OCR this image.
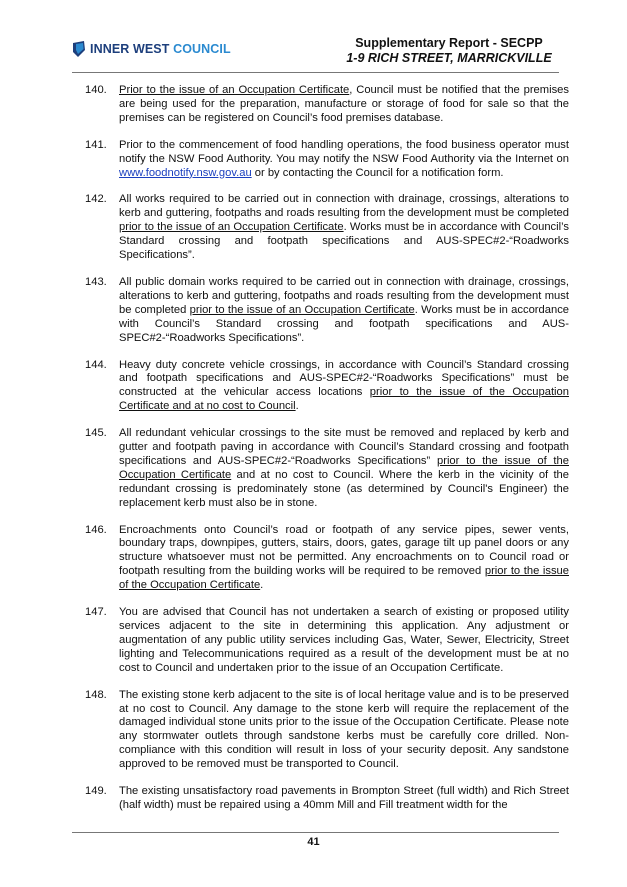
INNER WEST COUNCIL	Supplementary Report - SECPP
1-9 RICH STREET, MARRICKVILLE
140. Prior to the issue of an Occupation Certificate, Council must be notified that the premises are being used for the preparation, manufacture or storage of food for sale so that the premises can be registered on Council’s food premises database.
141. Prior to the commencement of food handling operations, the food business operator must notify the NSW Food Authority. You may notify the NSW Food Authority via the Internet on www.foodnotify.nsw.gov.au or by contacting the Council for a notification form.
142. All works required to be carried out in connection with drainage, crossings, alterations to kerb and guttering, footpaths and roads resulting from the development must be completed prior to the issue of an Occupation Certificate. Works must be in accordance with Council’s Standard crossing and footpath specifications and AUS-SPEC#2-“Roadworks Specifications”.
143. All public domain works required to be carried out in connection with drainage, crossings, alterations to kerb and guttering, footpaths and roads resulting from the development must be completed prior to the issue of an Occupation Certificate. Works must be in accordance with Council’s Standard crossing and footpath specifications and AUS-SPEC#2-“Roadworks Specifications”.
144. Heavy duty concrete vehicle crossings, in accordance with Council’s Standard crossing and footpath specifications and AUS-SPEC#2-“Roadworks Specifications” must be constructed at the vehicular access locations prior to the issue of the Occupation Certificate and at no cost to Council.
145. All redundant vehicular crossings to the site must be removed and replaced by kerb and gutter and footpath paving in accordance with Council’s Standard crossing and footpath specifications and AUS-SPEC#2-“Roadworks Specifications” prior to the issue of the Occupation Certificate and at no cost to Council. Where the kerb in the vicinity of the redundant crossing is predominately stone (as determined by Council's Engineer) the replacement kerb must also be in stone.
146. Encroachments onto Council’s road or footpath of any service pipes, sewer vents, boundary traps, downpipes, gutters, stairs, doors, gates, garage tilt up panel doors or any structure whatsoever must not be permitted. Any encroachments on to Council road or footpath resulting from the building works will be required to be removed prior to the issue of the Occupation Certificate.
147. You are advised that Council has not undertaken a search of existing or proposed utility services adjacent to the site in determining this application. Any adjustment or augmentation of any public utility services including Gas, Water, Sewer, Electricity, Street lighting and Telecommunications required as a result of the development must be at no cost to Council and undertaken prior to the issue of an Occupation Certificate.
148. The existing stone kerb adjacent to the site is of local heritage value and is to be preserved at no cost to Council. Any damage to the stone kerb will require the replacement of the damaged individual stone units prior to the issue of the Occupation Certificate. Please note any stormwater outlets through sandstone kerbs must be carefully core drilled. Non-compliance with this condition will result in loss of your security deposit. Any sandstone approved to be removed must be transported to Council.
149. The existing unsatisfactory road pavements in Brompton Street (full width) and Rich Street (half width) must be repaired using a 40mm Mill and Fill treatment width for the
41
